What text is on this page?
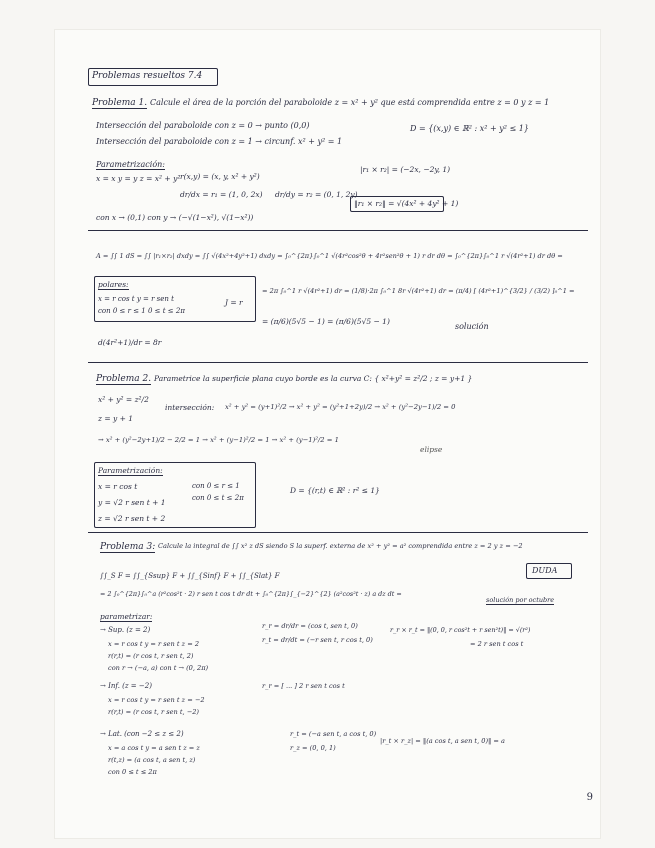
Problemas resueltos 7.4
Problema 1. Calcule el área de la porción del paraboloide z = x² + y² que está comprendida entre z = 0 y z = 1
Intersección del paraboloide con z = 0 → punto (0,0)
Intersección del paraboloide con z = 1 → circunf. x² + y² = 1
D = {(x,y) ∈ ℝ² : x² + y² ≤ 1}
Parametrización:
x = x y = y z = x² + y² r(x,y) = (x, y, x² + y²)
dr/dx = r₁ = (1, 0, 2x) dr/dy = r₂ = (0, 1, 2y)
|r₁ × r₂| = (−2x, −2y, 1)
‖r₁ × r₂‖ = √(4x² + 4y² + 1)
con x → (0,1) con y → (−√(1−x²), √(1−x²))
A = ∫∫ 1 dS = ∫∫ |r₁×r₂| dxdy = ∫∫ √(4x²+4y²+1) dxdy = ∫₀^{2π}∫₀^1 √(4r²cos²θ + 4r²sen²θ + 1) r dr dθ = ∫₀^{2π}∫₀^1 r √(4r²+1) dr dθ =
polares:
x = r cos t y = r sen t
con 0 ≤ r ≤ 1 0 ≤ t ≤ 2π
J = r
= 2π ∫₀^1 r √(4r²+1) dr = (1/8)·2π ∫₀^1 8r √(4r²+1) dr = (π/4) [ (4r²+1)^{3/2} / (3/2) ]₀^1 =
= (π/6)(5√5 − 1) = (π/6)(5√5 − 1)
solución
d(4r²+1)/dr = 8r
Problema 2. Parametrice la superficie plana cuyo borde es la curva C: { x²+y² = z²/2 ; z = y+1 }
x² + y² = z²/2
z = y + 1
intersección: x² + y² = (y+1)²/2 → x² + y² = (y²+1+2y)/2 → x² + (y²−2y−1)/2 = 0
→ x² + (y²−2y+1)/2 − 2/2 = 1 → x² + (y−1)²/2 = 1 → x² + (y−1)²/2 = 1
elipse
Parametrización:
x = r cos t
y = √2 r sen t + 1
z = √2 r sen t + 2
con 0 ≤ r ≤ 1
con 0 ≤ t ≤ 2π
D = {(r,t) ∈ ℝ² : r² ≤ 1}
Problema 3: Calcule la integral de ∫∫ x² z dS siendo S la superf. externa de x² + y² = a² comprendida entre z = 2 y z = −2
∫∫_S F = ∫∫_{Ssup} F + ∫∫_{Sinf} F + ∫∫_{Slat} F
= 2 ∫₀^{2π}∫₀^a (r²cos²t · 2) r sen t cos t dr dt + ∫₀^{2π}∫_{−2}^{2} (a²cos²t · z) a dz dt =
DUDA
solución por octubre
parametrizar:
→ Sup. (z = 2)
x = r cos t y = r sen t z = 2
r(r,t) = (r cos t, r sen t, 2)
con r → (−a, a) con t → (0, 2π)
r_r = dr/dr = (cos t, sen t, 0)
r_t = dr/dt = (−r sen t, r cos t, 0)
r_r × r_t = ‖(0, 0, r cos²t + r sen²t)‖ = √(r²)
= 2 r sen t cos t
→ Inf. (z = −2)
x = r cos t y = r sen t z = −2
r(r,t) = (r cos t, r sen t, −2)
r_r = [ ... ] 2 r sen t cos t
→ Lat. (con −2 ≤ z ≤ 2)
x = a cos t y = a sen t z = z
r(t,z) = (a cos t, a sen t, z)
con 0 ≤ t ≤ 2π
r_t = (−a sen t, a cos t, 0)
r_z = (0, 0, 1)
|r_t × r_z| = ‖(a cos t, a sen t, 0)‖ = a
9
